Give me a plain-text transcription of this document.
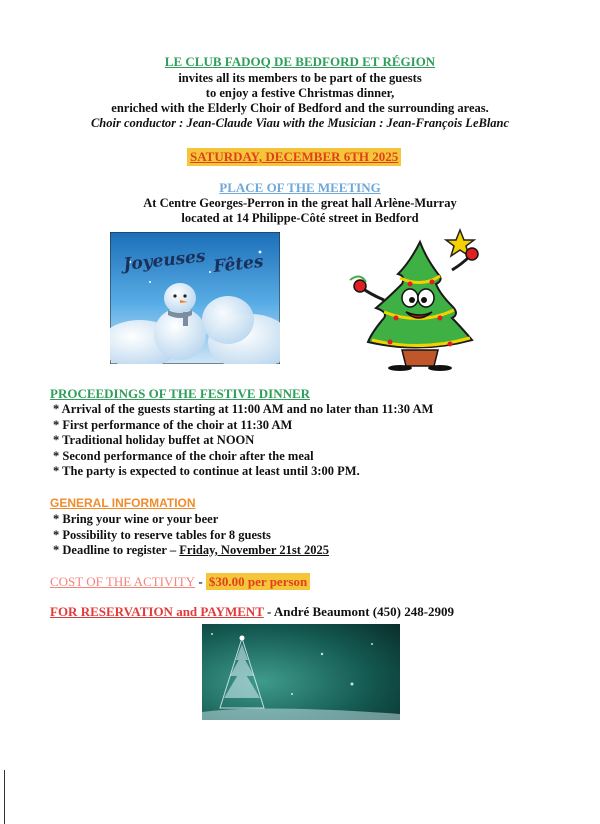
LE CLUB FADOQ DE BEDFORD ET RÉGION
invites all its members to be part of the guests
to enjoy a festive Christmas dinner,
enriched with the Elderly Choir of Bedford and the surrounding areas.
Choir conductor : Jean-Claude Viau with the Musician : Jean-François LeBlanc
SATURDAY, DECEMBER 6TH 2025
PLACE OF THE MEETING
At Centre Georges-Perron in the great hall Arlène-Murray
located at 14 Philippe-Côté street in Bedford
Joyeuses Fêtes
PROCEEDINGS OF THE FESTIVE DINNER
* Arrival of the guests starting at 11:00 AM and no later than 11:30 AM
* First performance of the choir at 11:30 AM
* Traditional holiday buffet at NOON
* Second performance of the choir after the meal
* The party is expected to continue at least until 3:00 PM.
GENERAL INFORMATION
* Bring your wine or your beer
* Possibility to reserve tables for 8 guests
* Deadline to register – Friday, November 21st 2025
COST OF THE ACTIVITY - $30.00 per person
FOR RESERVATION and PAYMENT - André Beaumont (450) 248-2909
